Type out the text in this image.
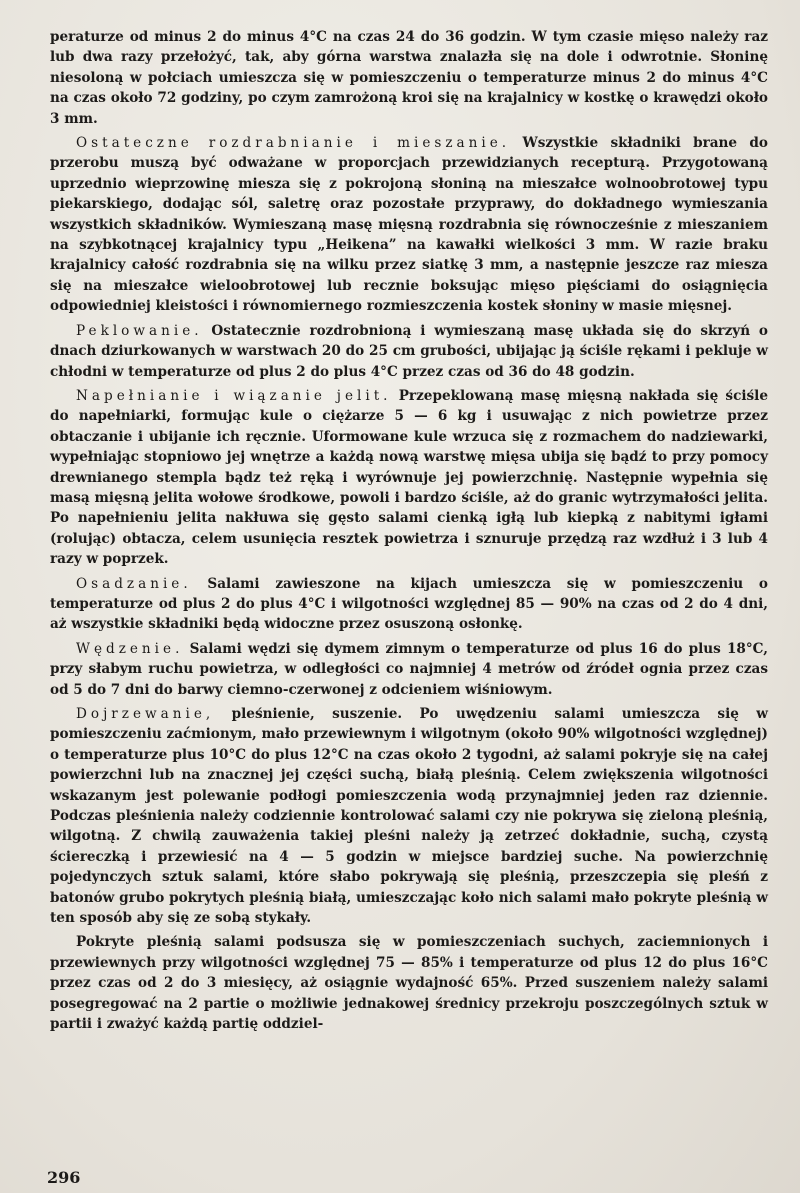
peraturze od minus 2 do minus 4°C na czas 24 do 36 godzin. W tym czasie mięso należy raz lub dwa razy przełożyć, tak, aby górna warstwa znalazła się na dole i odwrotnie. Słoninę niesoloną w połciach umieszcza się w pomieszczeniu o temperaturze minus 2 do minus 4°C na czas około 72 godziny, po czym zamrożoną kroi się na krajalnicy w kostkę o krawędzi około 3 mm.

Ostateczne rozdrabnianie i mieszanie. Wszystkie składniki brane do przerobu muszą być odważane w proporcjach przewidzianych recepturą. Przygotowaną uprzednio wieprzowinę miesza się z pokrojoną słoniną na mieszałce wolnoobrotowej typu piekarskiego, dodając sól, saletrę oraz pozostałe przyprawy, do dokładnego wymieszania wszystkich składników. Wymieszaną masę mięsną rozdrabnia się równocześnie z mieszaniem na szybkotnącej krajalnicy typu „Heikena” na kawałki wielkości 3 mm. W razie braku krajalnicy całość rozdrabnia się na wilku przez siatkę 3 mm, a następnie jeszcze raz miesza się na mieszałce wieloobrotowej lub recznie boksując mięso pięściami do osiągnięcia odpowiedniej kleistości i równomiernego rozmieszczenia kostek słoniny w masie mięsnej.

Peklowanie. Ostatecznie rozdrobnioną i wymieszaną masę układa się do skrzyń o dnach dziurkowanych w warstwach 20 do 25 cm grubości, ubijając ją ściśle rękami i pekluje w chłodni w temperaturze od plus 2 do plus 4°C przez czas od 36 do 48 godzin.

Napełnianie i wiązanie jelit. Przepeklowaną masę mięsną nakłada się ściśle do napełniarki, formując kule o ciężarze 5 — 6 kg i usuwając z nich powietrze przez obtaczanie i ubijanie ich ręcznie. Uformowane kule wrzuca się z rozmachem do nadziewarki, wypełniając stopniowo jej wnętrze a każdą nową warstwę mięsa ubija się bądź to przy pomocy drewnianego stempla bądz też ręką i wyrównuje jej powierzchnię. Następnie wypełnia się masą mięsną jelita wołowe środkowe, powoli i bardzo ściśle, aż do granic wytrzymałości jelita. Po napełnieniu jelita nakłuwa się gęsto salami cienką igłą lub kiepką z nabitymi igłami (rolując) obtacza, celem usunięcia resztek powietrza i sznuruje przędzą raz wzdłuż i 3 lub 4 razy w poprzek.

Osadzanie. Salami zawieszone na kijach umieszcza się w pomieszczeniu o temperaturze od plus 2 do plus 4°C i wilgotności względnej 85 — 90% na czas od 2 do 4 dni, aż wszystkie składniki będą widoczne przez osuszoną osłonkę.

Wędzenie. Salami wędzi się dymem zimnym o temperaturze od plus 16 do plus 18°C, przy słabym ruchu powietrza, w odległości co najmniej 4 metrów od źródeł ognia przez czas od 5 do 7 dni do barwy ciemno-czerwonej z odcieniem wiśniowym.

Dojrzewanie, pleśnienie, suszenie. Po uwędzeniu salami umieszcza się w pomieszczeniu zaćmionym, mało przewiewnym i wilgotnym (około 90% wilgotności względnej) o temperaturze plus 10°C do plus 12°C na czas około 2 tygodni, aż salami pokryje się na całej powierzchni lub na znacznej jej części suchą, białą pleśnią. Celem zwiększenia wilgotności wskazanym jest polewanie podłogi pomieszczenia wodą przynajmniej jeden raz dziennie. Podczas pleśnienia należy codziennie kontrolować salami czy nie pokrywa się zieloną pleśnią, wilgotną. Z chwilą zauważenia takiej pleśni należy ją zetrzeć dokładnie, suchą, czystą ściereczką i przewiesić na 4 — 5 godzin w miejsce bardziej suche. Na powierzchnię pojedynczych sztuk salami, które słabo pokrywają się pleśnią, przeszczepia się pleśń z batonów grubo pokrytych pleśnią białą, umieszczając koło nich salami mało pokryte pleśnią w ten sposób aby się ze sobą stykały.

Pokryte pleśnią salami podsusza się w pomieszczeniach suchych, zaciemnionych i przewiewnych przy wilgotności względnej 75 — 85% i temperaturze od plus 12 do plus 16°C przez czas od 2 do 3 miesięcy, aż osiągnie wydajność 65%. Przed suszeniem należy salami posegregować na 2 partie o możliwie jednakowej średnicy przekroju poszczególnych sztuk w partii i zważyć każdą partię oddziel-

296
